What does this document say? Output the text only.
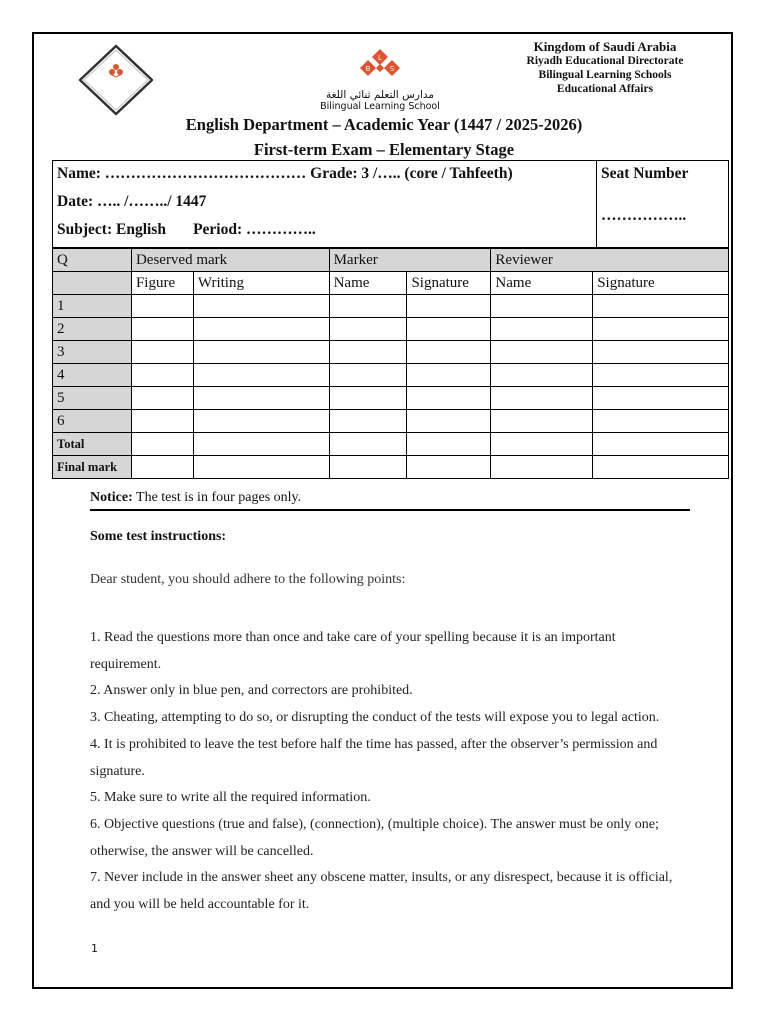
L
B	S
مدارس التعلم ثنائي اللغة
Bilingual Learning School
Kingdom of Saudi Arabia
Riyadh Educational Directorate
Bilingual Learning Schools
Educational Affairs
English Department – Academic Year (1447 / 2025-2026)
First-term Exam – Elementary Stage
Name: ………………………………… Grade: 3 /….. (core / Tahfeeth)
Date: ….. /……../ 1447
Subject: English       Period: …………..

Seat Number
……………..
Q	Deserved mark		Marker		Reviewer	
	Figure	Writing	Name	Signature	Name	Signature
1						
2						
3						
4						
5						
6						
Total						
Final mark						
Notice: The test is in four pages only.
Some test instructions:
Dear student, you should adhere to the following points:
1. Read the questions more than once and take care of your spelling because it is an important requirement.
2. Answer only in blue pen, and correctors are prohibited.
3. Cheating, attempting to do so, or disrupting the conduct of the tests will expose you to legal action.
4. It is prohibited to leave the test before half the time has passed, after the observer’s permission and signature.
5. Make sure to write all the required information.
6. Objective questions (true and false), (connection), (multiple choice). The answer must be only one; otherwise, the answer will be cancelled.
7. Never include in the answer sheet any obscene matter, insults, or any disrespect, because it is official, and you will be held accountable for it.
1
